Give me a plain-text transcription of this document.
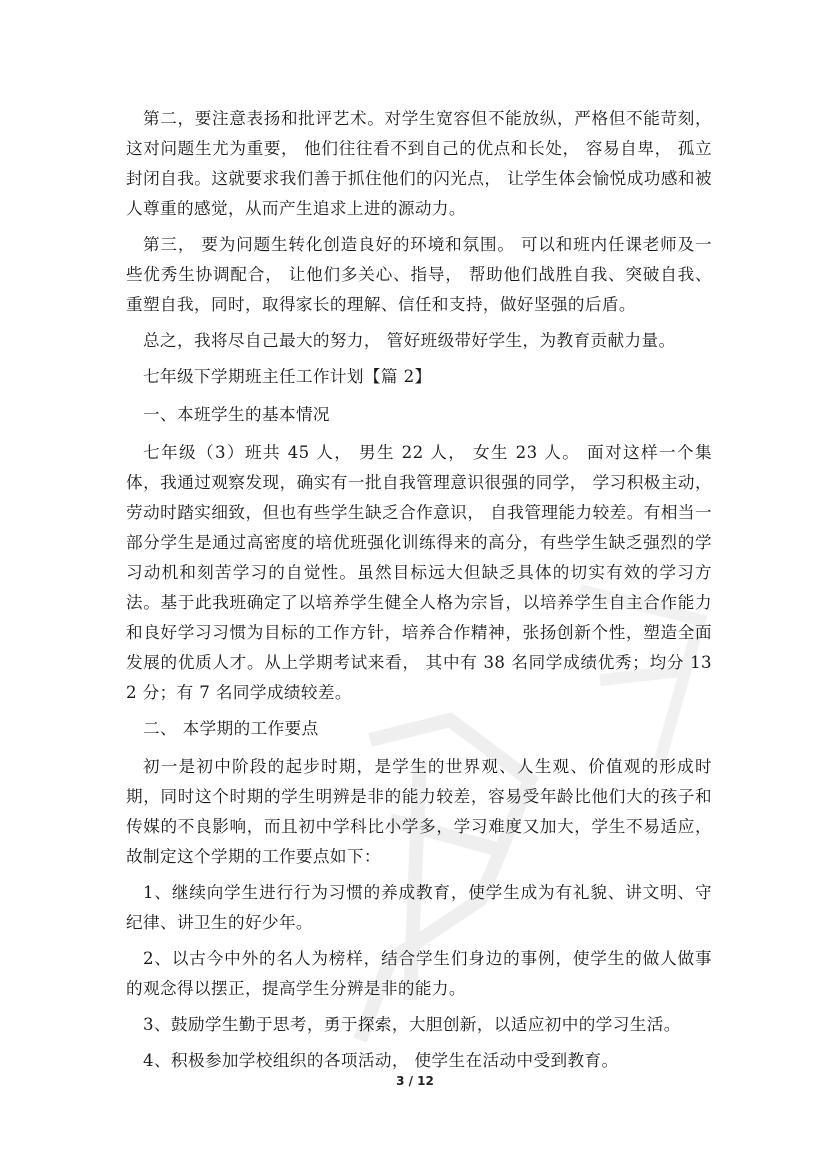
第二，要注意表扬和批评艺术。对学生宽容但不能放纵，严格但不能苛刻，这对问题生尤为重要， 他们往往看不到自己的优点和长处， 容易自卑， 孤立封闭自我。这就要求我们善于抓住他们的闪光点， 让学生体会愉悦成功感和被人尊重的感觉，从而产生追求上进的源动力。

第三， 要为问题生转化创造良好的环境和氛围。 可以和班内任课老师及一些优秀生协调配合， 让他们多关心、指导， 帮助他们战胜自我、突破自我、重塑自我，同时，取得家长的理解、信任和支持，做好坚强的后盾。

总之，我将尽自己最大的努力， 管好班级带好学生，为教育贡献力量。

七年级下学期班主任工作计划【篇 2】

一、本班学生的基本情况

七年级（3）班共 45 人， 男生 22 人， 女生 23 人。 面对这样一个集体，我通过观察发现，确实有一批自我管理意识很强的同学， 学习积极主动， 劳动时踏实细致，但也有些学生缺乏合作意识， 自我管理能力较差。有相当一部分学生是通过高密度的培优班强化训练得来的高分，有些学生缺乏强烈的学习动机和刻苦学习的自觉性。虽然目标远大但缺乏具体的切实有效的学习方法。基于此我班确定了以培养学生健全人格为宗旨，以培养学生自主合作能力和良好学习习惯为目标的工作方针，培养合作精神，张扬创新个性，塑造全面发展的优质人才。从上学期考试来看， 其中有 38 名同学成绩优秀；均分 132 分；有 7 名同学成绩较差。

二、 本学期的工作要点

初一是初中阶段的起步时期，是学生的世界观、人生观、价值观的形成时期，同时这个时期的学生明辨是非的能力较差，容易受年龄比他们大的孩子和传媒的不良影响，而且初中学科比小学多，学习难度又加大，学生不易适应，故制定这个学期的工作要点如下：

1、继续向学生进行行为习惯的养成教育，使学生成为有礼貌、讲文明、守纪律、讲卫生的好少年。

2、以古今中外的名人为榜样，结合学生们身边的事例，使学生的做人做事的观念得以摆正，提高学生分辨是非的能力。

3、鼓励学生勤于思考，勇于探索，大胆创新，以适应初中的学习生活。

4、积极参加学校组织的各项活动， 使学生在活动中受到教育。

3 / 12
